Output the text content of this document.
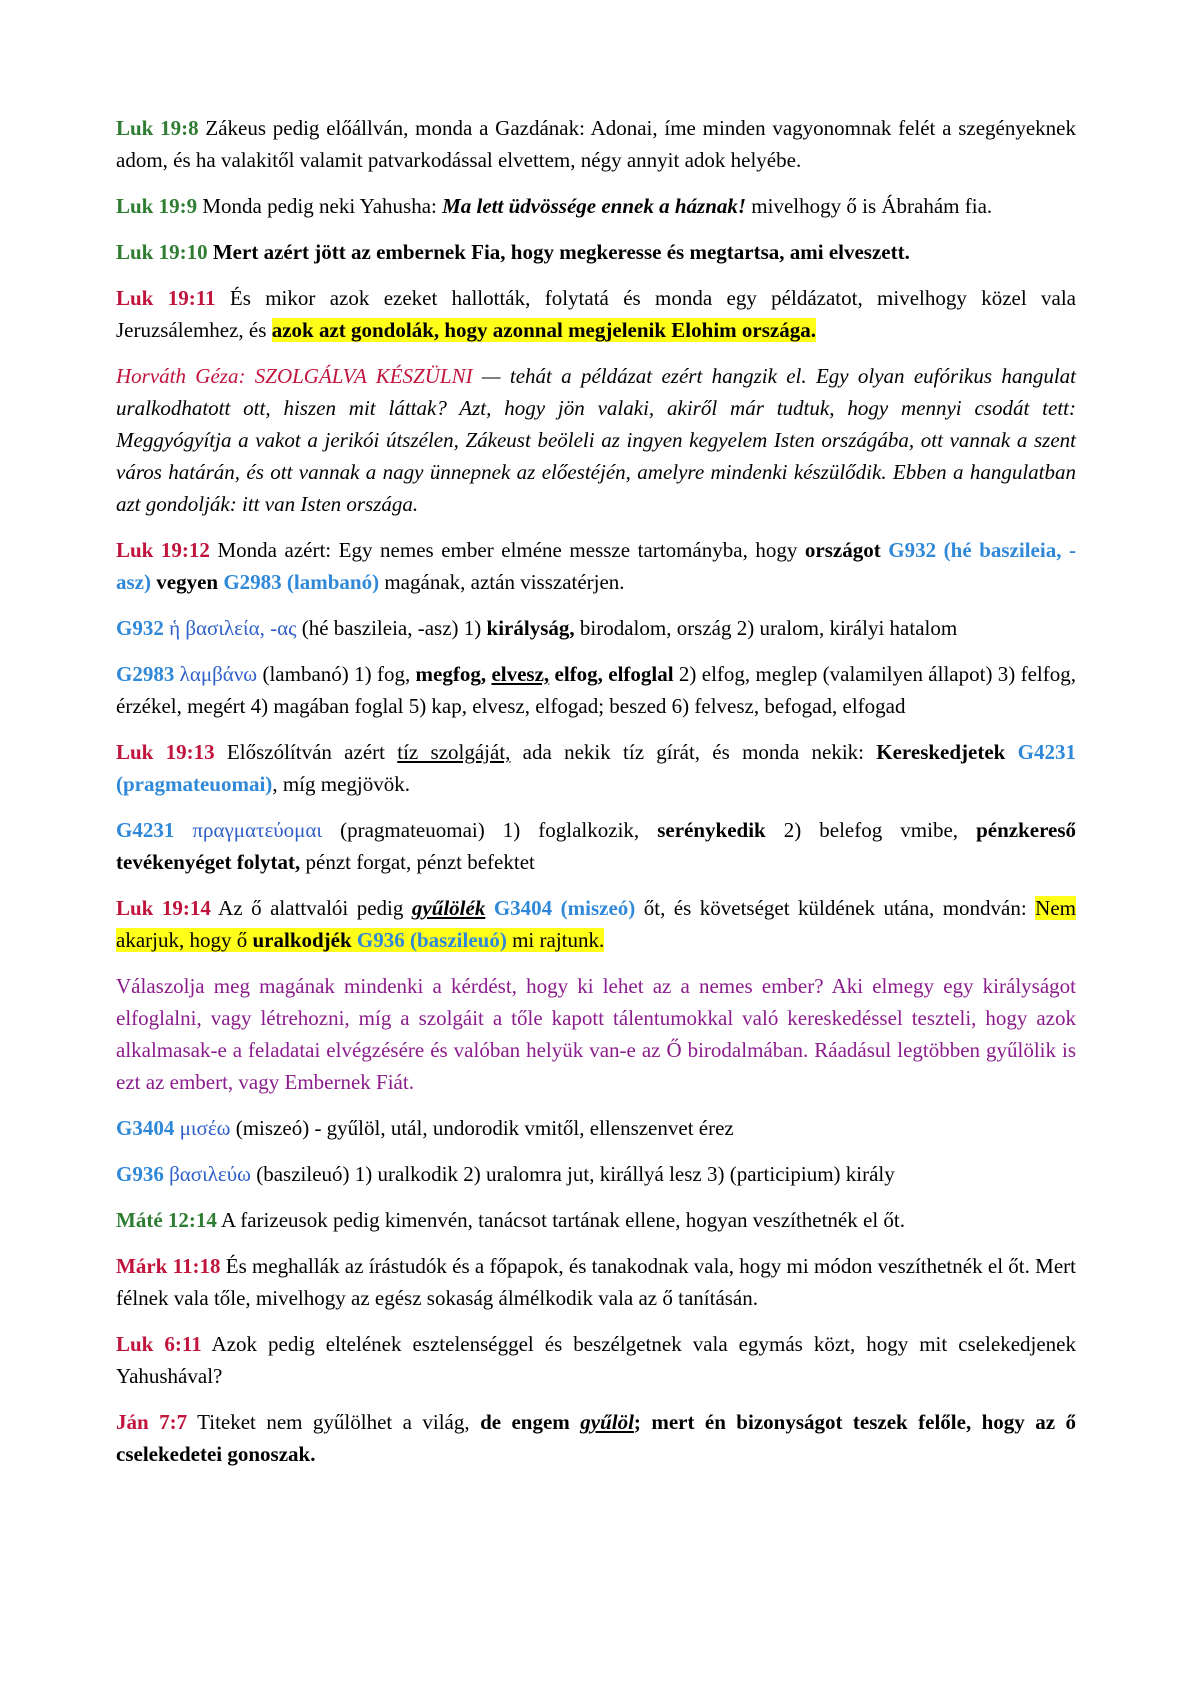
Luk 19:8 Zákeus pedig előállván, monda a Gazdának: Adonai, íme minden vagyonomnak felét a szegényeknek adom, és ha valakitől valamit patvarkodással elvettem, négy annyit adok helyébe.

Luk 19:9 Monda pedig neki Yahusha: Ma lett üdvössége ennek a háznak! mivelhogy ő is Ábrahám fia.

Luk 19:10 Mert azért jött az embernek Fia, hogy megkeresse és megtartsa, ami elveszett.

Luk 19:11 És mikor azok ezeket hallották, folytatá és monda egy példázatot, mivelhogy közel vala Jeruzsálemhez, és azok azt gondolák, hogy azonnal megjelenik Elohim országa.

Horváth Géza: SZOLGÁLVA KÉSZÜLNI — tehát a példázat ezért hangzik el. Egy olyan eufórikus hangulat uralkodhatott ott, hiszen mit láttak? Azt, hogy jön valaki, akiről már tudtuk, hogy mennyi csodát tett: Meggyógyítja a vakot a jerikói útszélen, Zákeust beöleli az ingyen kegyelem Isten országába, ott vannak a szent város határán, és ott vannak a nagy ünnepnek az előestéjén, amelyre mindenki készülődik. Ebben a hangulatban azt gondolják: itt van Isten országa.

Luk 19:12 Monda azért: Egy nemes ember elméne messze tartományba, hogy országot G932 (hé baszileia, -asz) vegyen G2983 (lambanó) magának, aztán visszatérjen.

G932 ἡ βασιλεία, -ας (hé baszileia, -asz) 1) királyság, birodalom, ország 2) uralom, királyi hatalom

G2983 λαμβάνω (lambanó) 1) fog, megfog, elvesz, elfog, elfoglal 2) elfog, meglep (valamilyen állapot) 3) felfog, érzékel, megért 4) magában foglal 5) kap, elvesz, elfogad; beszed 6) felvesz, befogad, elfogad

Luk 19:13 Előszólítván azért tíz szolgáját, ada nekik tíz gírát, és monda nekik: Kereskedjetek G4231 (pragmateuomai), míg megjövök.

G4231 πραγματεύομαι (pragmateuomai) 1) foglalkozik, serénykedik 2) belefog vmibe, pénzkereső tevékenyéget folytat, pénzt forgat, pénzt befektet

Luk 19:14 Az ő alattvalói pedig gyűlölék G3404 (miszeó) őt, és követséget küldének utána, mondván: Nem akarjuk, hogy ő uralkodjék G936 (baszileuó) mi rajtunk.

Válaszolja meg magának mindenki a kérdést, hogy ki lehet az a nemes ember? Aki elmegy egy királyságot elfoglalni, vagy létrehozni, míg a szolgáit a tőle kapott tálentumokkal való kereskedéssel teszteli, hogy azok alkalmasak-e a feladatai elvégzésére és valóban helyük van-e az Ő birodalmában. Ráadásul legtöbben gyűlölik is ezt az embert, vagy Embernek Fiát.

G3404 μισέω (miszeó) - gyűlöl, utál, undorodik vmitől, ellenszenvet érez

G936 βασιλεύω (baszileuó) 1) uralkodik 2) uralomra jut, királlyá lesz 3) (participium) király

Máté 12:14 A farizeusok pedig kimenvén, tanácsot tartának ellene, hogyan veszíthetnék el őt.

Márk 11:18 És meghallák az írástudók és a főpapok, és tanakodnak vala, hogy mi módon veszíthetnék el őt. Mert félnek vala tőle, mivelhogy az egész sokaság álmélkodik vala az ő tanításán.

Luk 6:11 Azok pedig eltelének esztelenséggel és beszélgetnek vala egymás közt, hogy mit cselekedjenek Yahushával?

Ján 7:7 Titeket nem gyűlölhet a világ, de engem gyűlöl; mert én bizonyságot teszek felőle, hogy az ő cselekedetei gonoszak.
